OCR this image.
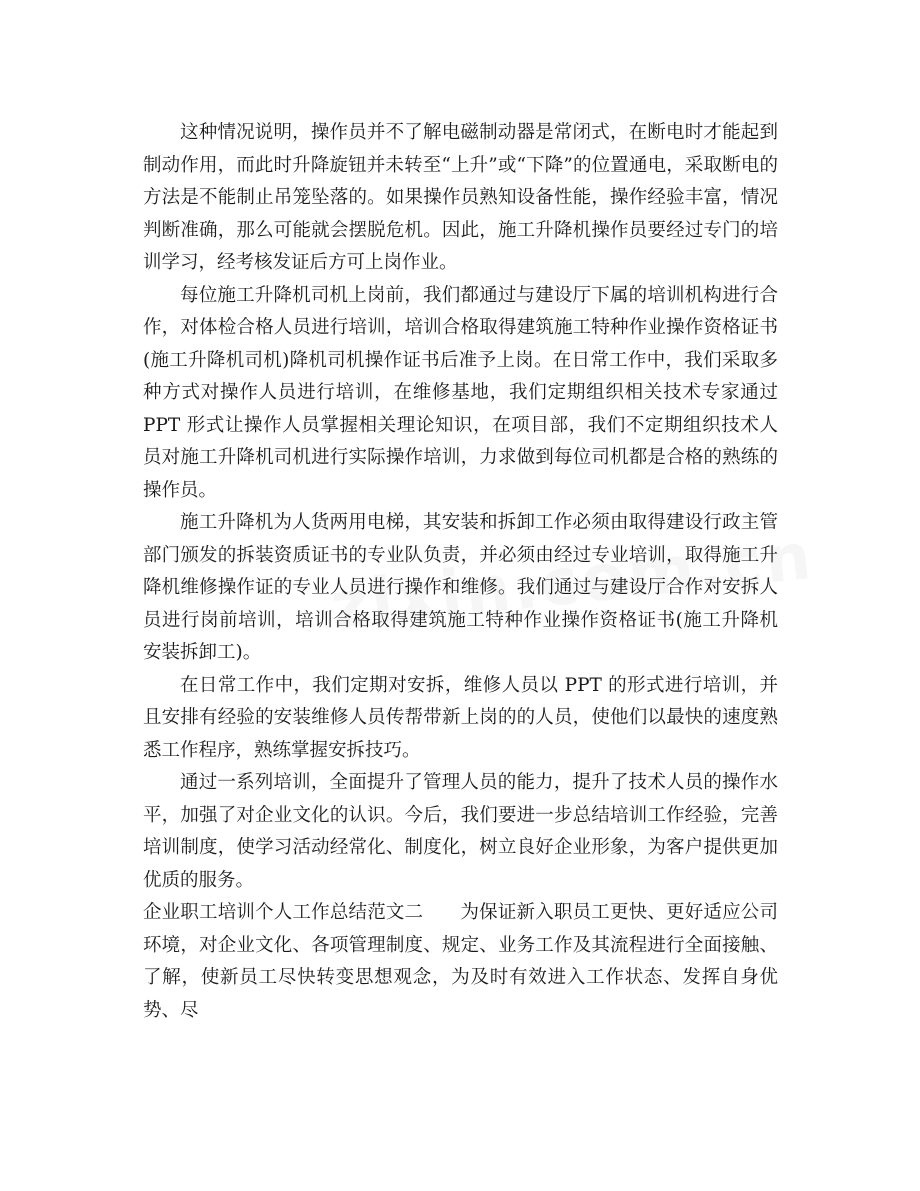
这种情况说明，操作员并不了解电磁制动器是常闭式，在断电时才能起到制动作用，而此时升降旋钮并未转至“上升”或“下降”的位置通电，采取断电的方法是不能制止吊笼坠落的。如果操作员熟知设备性能，操作经验丰富，情况判断准确，那么可能就会摆脱危机。因此，施工升降机操作员要经过专门的培训学习，经考核发证后方可上岗作业。

每位施工升降机司机上岗前，我们都通过与建设厅下属的培训机构进行合作，对体检合格人员进行培训，培训合格取得建筑施工特种作业操作资格证书(施工升降机司机)降机司机操作证书后准予上岗。在日常工作中，我们采取多种方式对操作人员进行培训，在维修基地，我们定期组织相关技术专家通过 PPT 形式让操作人员掌握相关理论知识，在项目部，我们不定期组织技术人员对施工升降机司机进行实际操作培训，力求做到每位司机都是合格的熟练的操作员。

施工升降机为人货两用电梯，其安装和拆卸工作必须由取得建设行政主管部门颁发的拆装资质证书的专业队负责，并必须由经过专业培训，取得施工升降机维修操作证的专业人员进行操作和维修。我们通过与建设厅合作对安拆人员进行岗前培训，培训合格取得建筑施工特种作业操作资格证书(施工升降机安装拆卸工)。

在日常工作中，我们定期对安拆，维修人员以 PPT 的形式进行培训，并且安排有经验的安装维修人员传帮带新上岗的的人员，使他们以最快的速度熟悉工作程序，熟练掌握安拆技巧。

通过一系列培训，全面提升了管理人员的能力，提升了技术人员的操作水平，加强了对企业文化的认识。今后，我们要进一步总结培训工作经验，完善培训制度，使学习活动经常化、制度化，树立良好企业形象，为客户提供更加优质的服务。

企业职工培训个人工作总结范文二 为保证新入职员工更快、更好适应公司环境，对企业文化、各项管理制度、规定、业务工作及其流程进行全面接触、了解，使新员工尽快转变思想观念，为及时有效进入工作状态、发挥自身优势、尽
